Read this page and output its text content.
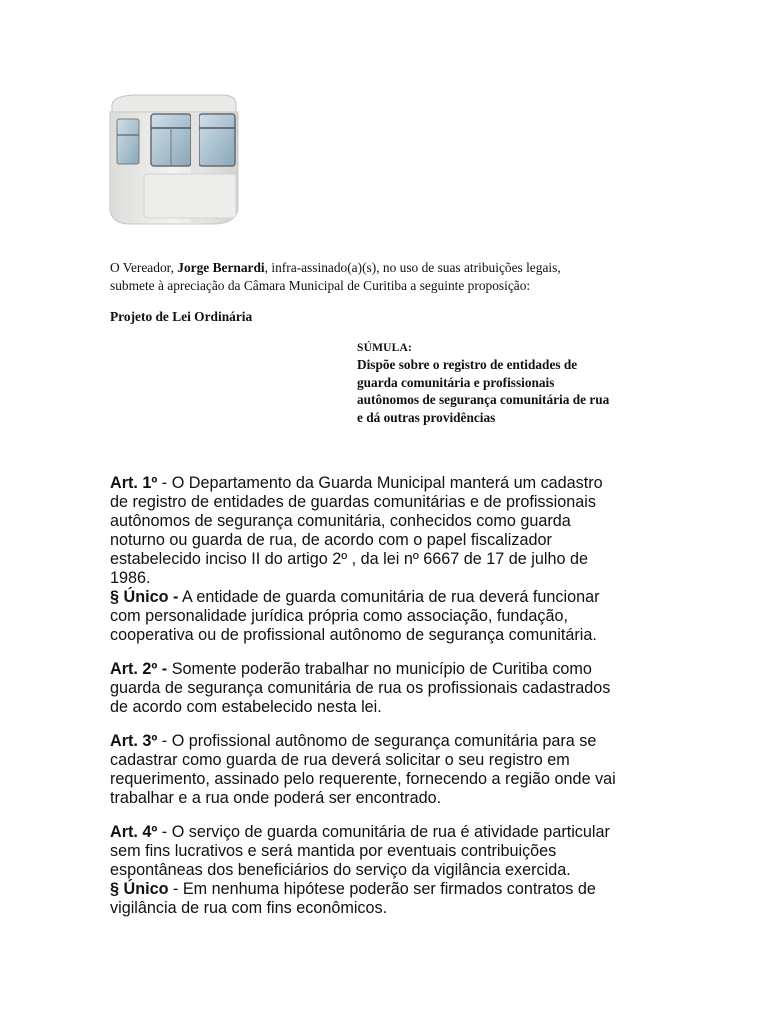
O Vereador, Jorge Bernardi, infra-assinado(a)(s), no uso de suas atribuições legais,

submete à apreciação da Câmara Municipal de Curitiba a seguinte proposição:

Projeto de Lei Ordinária
SÚMULA:
Dispõe sobre o registro de entidades de
guarda comunitária e profissionais
autônomos de segurança comunitária de rua
e dá outras providências
Art. 1º - O Departamento da Guarda Municipal manterá um cadastro
de registro de entidades de guardas comunitárias e de profissionais
autônomos de segurança comunitária, conhecidos como guarda
noturno ou guarda de rua, de acordo com o papel fiscalizador
estabelecido inciso II do artigo 2º , da lei nº 6667 de 17 de julho de
1986.
§ Único - A entidade de guarda comunitária de rua deverá funcionar
com personalidade jurídica própria como associação, fundação,
cooperativa ou de profissional autônomo de segurança comunitária.
Art. 2º - Somente poderão trabalhar no município de Curitiba como
guarda de segurança comunitária de rua os profissionais cadastrados
de acordo com estabelecido nesta lei.
Art. 3º - O profissional autônomo de segurança comunitária para se
cadastrar como guarda de rua deverá solicitar o seu registro em
requerimento, assinado pelo requerente, fornecendo a região onde vai
trabalhar e a rua onde poderá ser encontrado.
Art. 4º - O serviço de guarda comunitária de rua é atividade particular
sem fins lucrativos e será mantida por eventuais contribuições
espontâneas dos beneficiários do serviço da vigilância exercida.
§ Único - Em nenhuma hipótese poderão ser firmados contratos de
vigilância de rua com fins econômicos.
